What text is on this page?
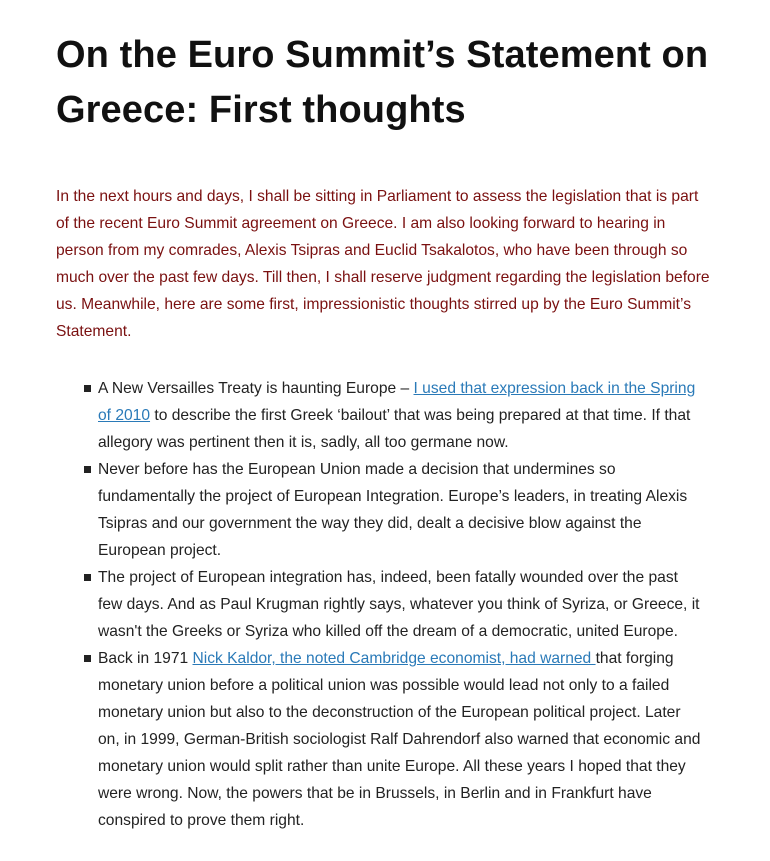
On the Euro Summit’s Statement on Greece: First thoughts

In the next hours and days, I shall be sitting in Parliament to assess the legislation that is part of the recent Euro Summit agreement on Greece. I am also looking forward to hearing in person from my comrades, Alexis Tsipras and Euclid Tsakalotos, who have been through so much over the past few days. Till then, I shall reserve judgment regarding the legislation before us. Meanwhile, here are some first, impressionistic thoughts stirred up by the Euro Summit’s Statement.

A New Versailles Treaty is haunting Europe – I used that expression back in the Spring of 2010 to describe the first Greek ‘bailout’ that was being prepared at that time. If that allegory was pertinent then it is, sadly, all too germane now.
Never before has the European Union made a decision that undermines so fundamentally the project of European Integration. Europe’s leaders, in treating Alexis Tsipras and our government the way they did, dealt a decisive blow against the European project.
The project of European integration has, indeed, been fatally wounded over the past few days. And as Paul Krugman rightly says, whatever you think of Syriza, or Greece, it wasn't the Greeks or Syriza who killed off the dream of a democratic, united Europe.
Back in 1971 Nick Kaldor, the noted Cambridge economist, had warned that forging monetary union before a political union was possible would lead not only to a failed monetary union but also to the deconstruction of the European political project. Later on, in 1999, German-British sociologist Ralf Dahrendorf also warned that economic and monetary union would split rather than unite Europe. All these years I hoped that they were wrong. Now, the powers that be in Brussels, in Berlin and in Frankfurt have conspired to prove them right.
